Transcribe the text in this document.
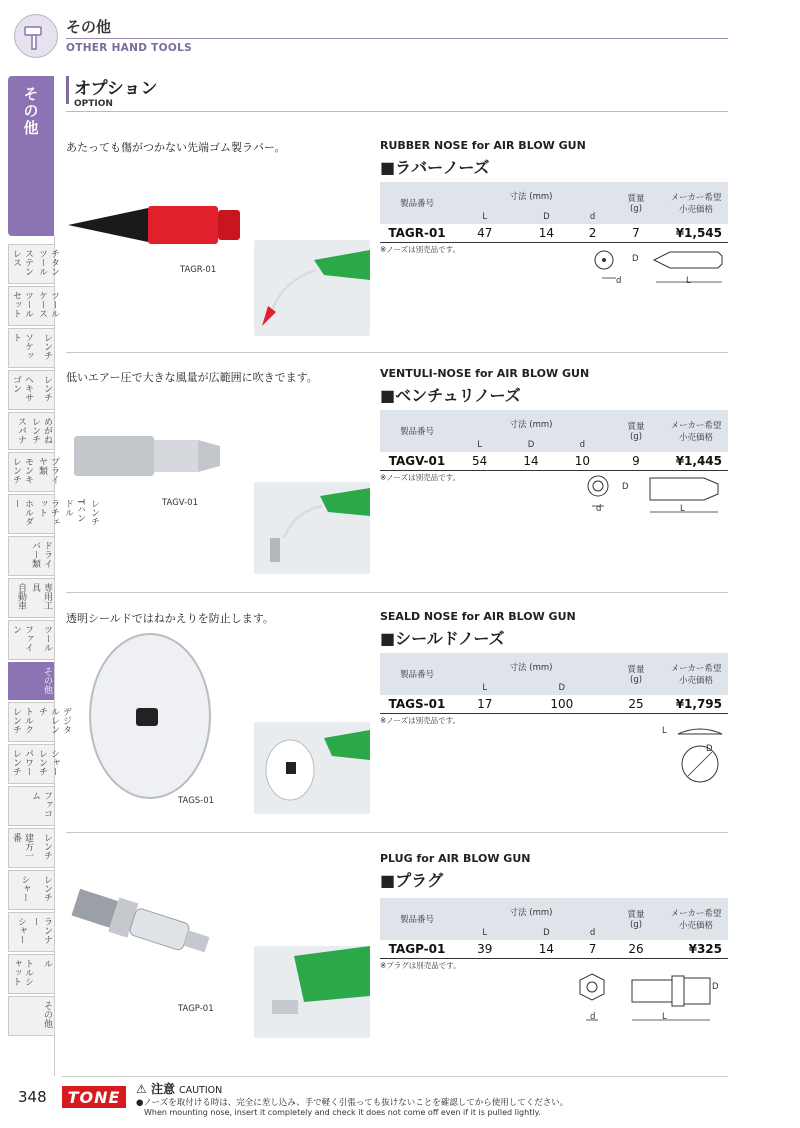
その他
OTHER HAND TOOLS
オプション
OPTION
その他
ステンレス	チタンツール
ツールセット	ツールケース
ソケット	レンチ
ヘキサゴン	レンチ
スパナ	めがねレンチ
モンキレンチ	プライヤ類
ホルダー	ラチェット	Tハンドル	レンチ
ドライバー類
自動車	専用工具
ファイン	ツール
その他
トルクレンチ	デジタルレンチ
パワーレンチ	シャーレンチ
ファコム
建方一番	レンチ
シャー	レンチ
シャー	ランナー
トルシャット	ル
その他
あたっても傷がつかない先端ゴム製ラバー。	RUBBER NOSE for AIR BLOW GUN
■ラバーノーズ
TAGR-01
製品番号	寸法 (mm)			質量
(g)	メーカー希望
小売価格
	L	D	d		
TAGR-01	47	14	2	7	¥1,545
※ノーズは別売品です。
D
L
d
低いエアー圧で大きな風量が広範囲に吹きでます。	VENTULI-NOSE for AIR BLOW GUN
■ベンチュリノーズ
TAGV-01
製品番号	寸法 (mm)			質量
(g)	メーカー希望
小売価格
	L	D	d		
TAGV-01	54	14	10	9	¥1,445
※ノーズは別売品です。
D
L
d
透明シールドではねかえりを防止します。	SEALD NOSE for AIR BLOW GUN
■シールドノーズ
TAGS-01
製品番号	寸法 (mm)		質量
(g)	メーカー希望
小売価格
	L	D		
TAGS-01	17	100	25	¥1,795
※ノーズは別売品です。
L
D
PLUG for AIR BLOW GUN
■プラグ
TAGP-01
製品番号	寸法 (mm)			質量
(g)	メーカー希望
小売価格
	L	D	d		
TAGP-01	39	14	7	26	¥325
※プラグは別売品です。
D
L
d
348	TONE	⚠ 注意 CAUTION
●ノーズを取付ける時は、完全に差し込み、手で軽く引張っても抜けないことを確認してから使用してください。
When mounting nose, insert it completely and check it does not come off even if it is pulled lightly.
